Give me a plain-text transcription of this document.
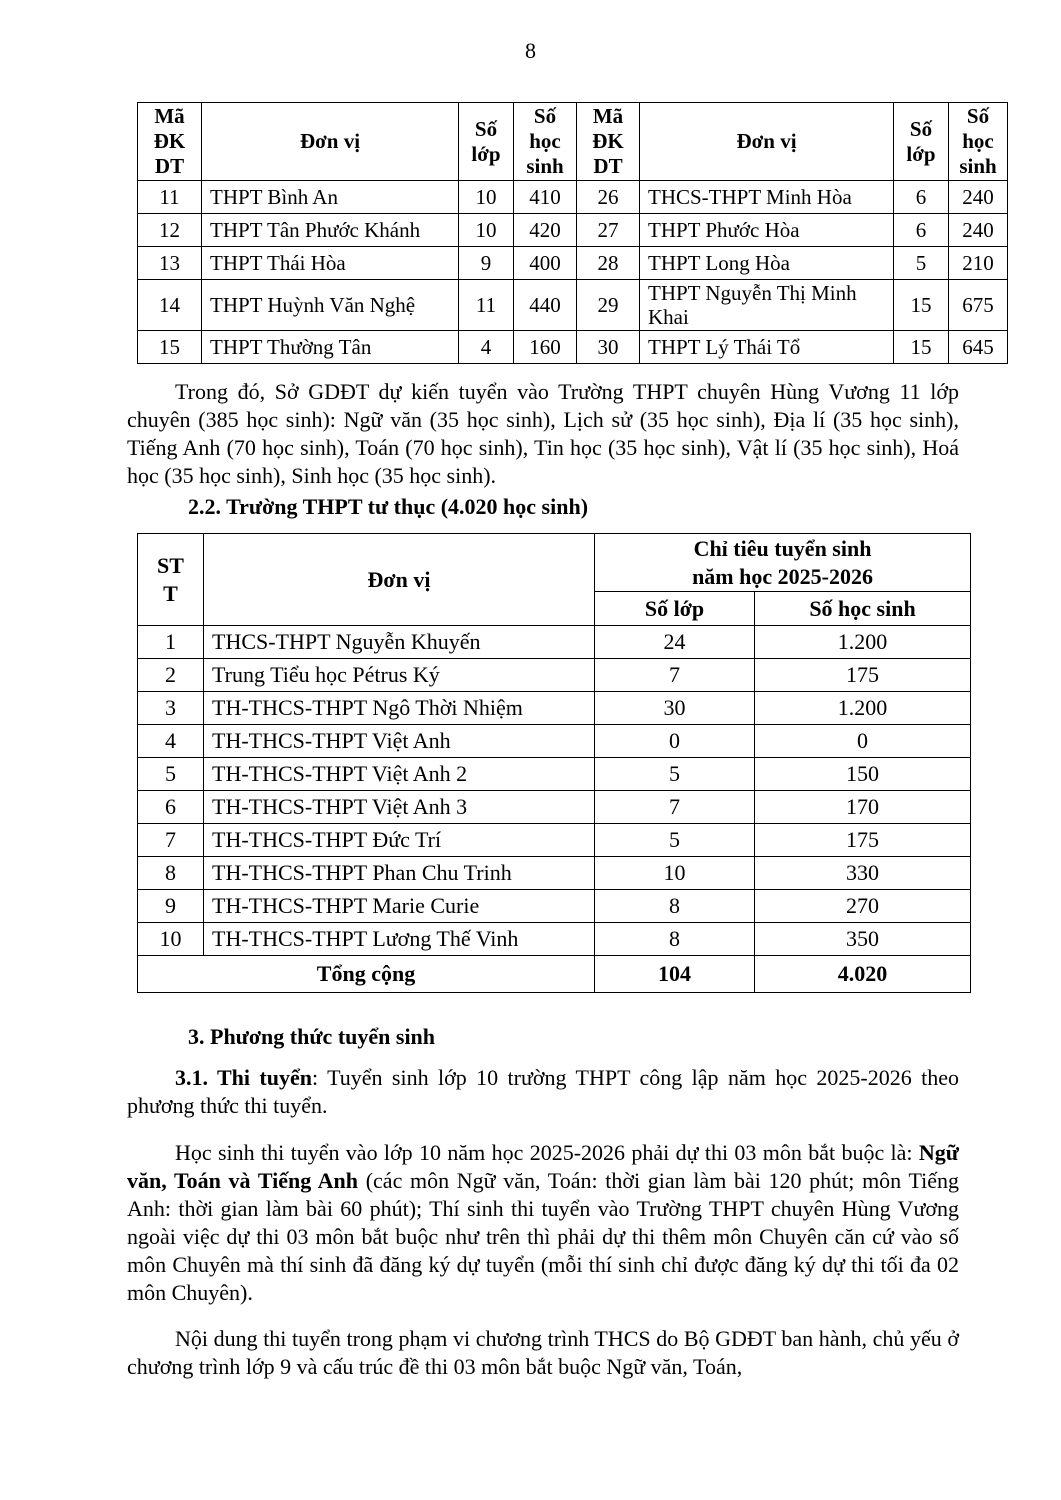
8
Mã
ĐK
DT	Đơn vị	Số
lớp	Số
học
sinh	Mã
ĐK
DT	Đơn vị	Số
lớp	Số
học
sinh
11	THPT Bình An	10	410	26	THCS-THPT Minh Hòa	6	240
12	THPT Tân Phước Khánh	10	420	27	THPT Phước Hòa	6	240
13	THPT Thái Hòa	9	400	28	THPT Long Hòa	5	210
14	THPT Huỳnh Văn Nghệ	11	440	29	THPT Nguyễn Thị Minh
Khai	15	675
15	THPT Thường Tân	4	160	30	THPT Lý Thái Tổ	15	645

Trong đó, Sở GDĐT dự kiến tuyển vào Trường THPT chuyên Hùng Vương 11 lớp chuyên (385 học sinh): Ngữ văn (35 học sinh), Lịch sử (35 học sinh), Địa lí (35 học sinh), Tiếng Anh (70 học sinh), Toán (70 học sinh), Tin học (35 học sinh), Vật lí (35 học sinh), Hoá học (35 học sinh), Sinh học (35 học sinh).

2.2. Trường THPT tư thục (4.020 học sinh)

ST
T	Đơn vị	Chỉ tiêu tuyển sinh
năm học 2025-2026	
		Số lớp	Số học sinh
1	THCS-THPT Nguyễn Khuyến	24	1.200
2	Trung Tiểu học Pétrus Ký	7	175
3	TH-THCS-THPT Ngô Thời Nhiệm	30	1.200
4	TH-THCS-THPT Việt Anh	0	0
5	TH-THCS-THPT Việt Anh 2	5	150
6	TH-THCS-THPT Việt Anh 3	7	170
7	TH-THCS-THPT Đức Trí	5	175
8	TH-THCS-THPT Phan Chu Trinh	10	330
9	TH-THCS-THPT Marie Curie	8	270
10	TH-THCS-THPT Lương Thế Vinh	8	350
Tổng cộng		104	4.020

3. Phương thức tuyển sinh

3.1. Thi tuyển: Tuyển sinh lớp 10 trường THPT công lập năm học 2025-2026 theo phương thức thi tuyển.

Học sinh thi tuyển vào lớp 10 năm học 2025-2026 phải dự thi 03 môn bắt buộc là: Ngữ văn, Toán và Tiếng Anh (các môn Ngữ văn, Toán: thời gian làm bài 120 phút; môn Tiếng Anh: thời gian làm bài 60 phút); Thí sinh thi tuyển vào Trường THPT chuyên Hùng Vương ngoài việc dự thi 03 môn bắt buộc như trên thì phải dự thi thêm môn Chuyên căn cứ vào số môn Chuyên mà thí sinh đã đăng ký dự tuyển (mỗi thí sinh chỉ được đăng ký dự thi tối đa 02 môn Chuyên).

Nội dung thi tuyển trong phạm vi chương trình THCS do Bộ GDĐT ban hành, chủ yếu ở chương trình lớp 9 và cấu trúc đề thi 03 môn bắt buộc Ngữ văn, Toán,
